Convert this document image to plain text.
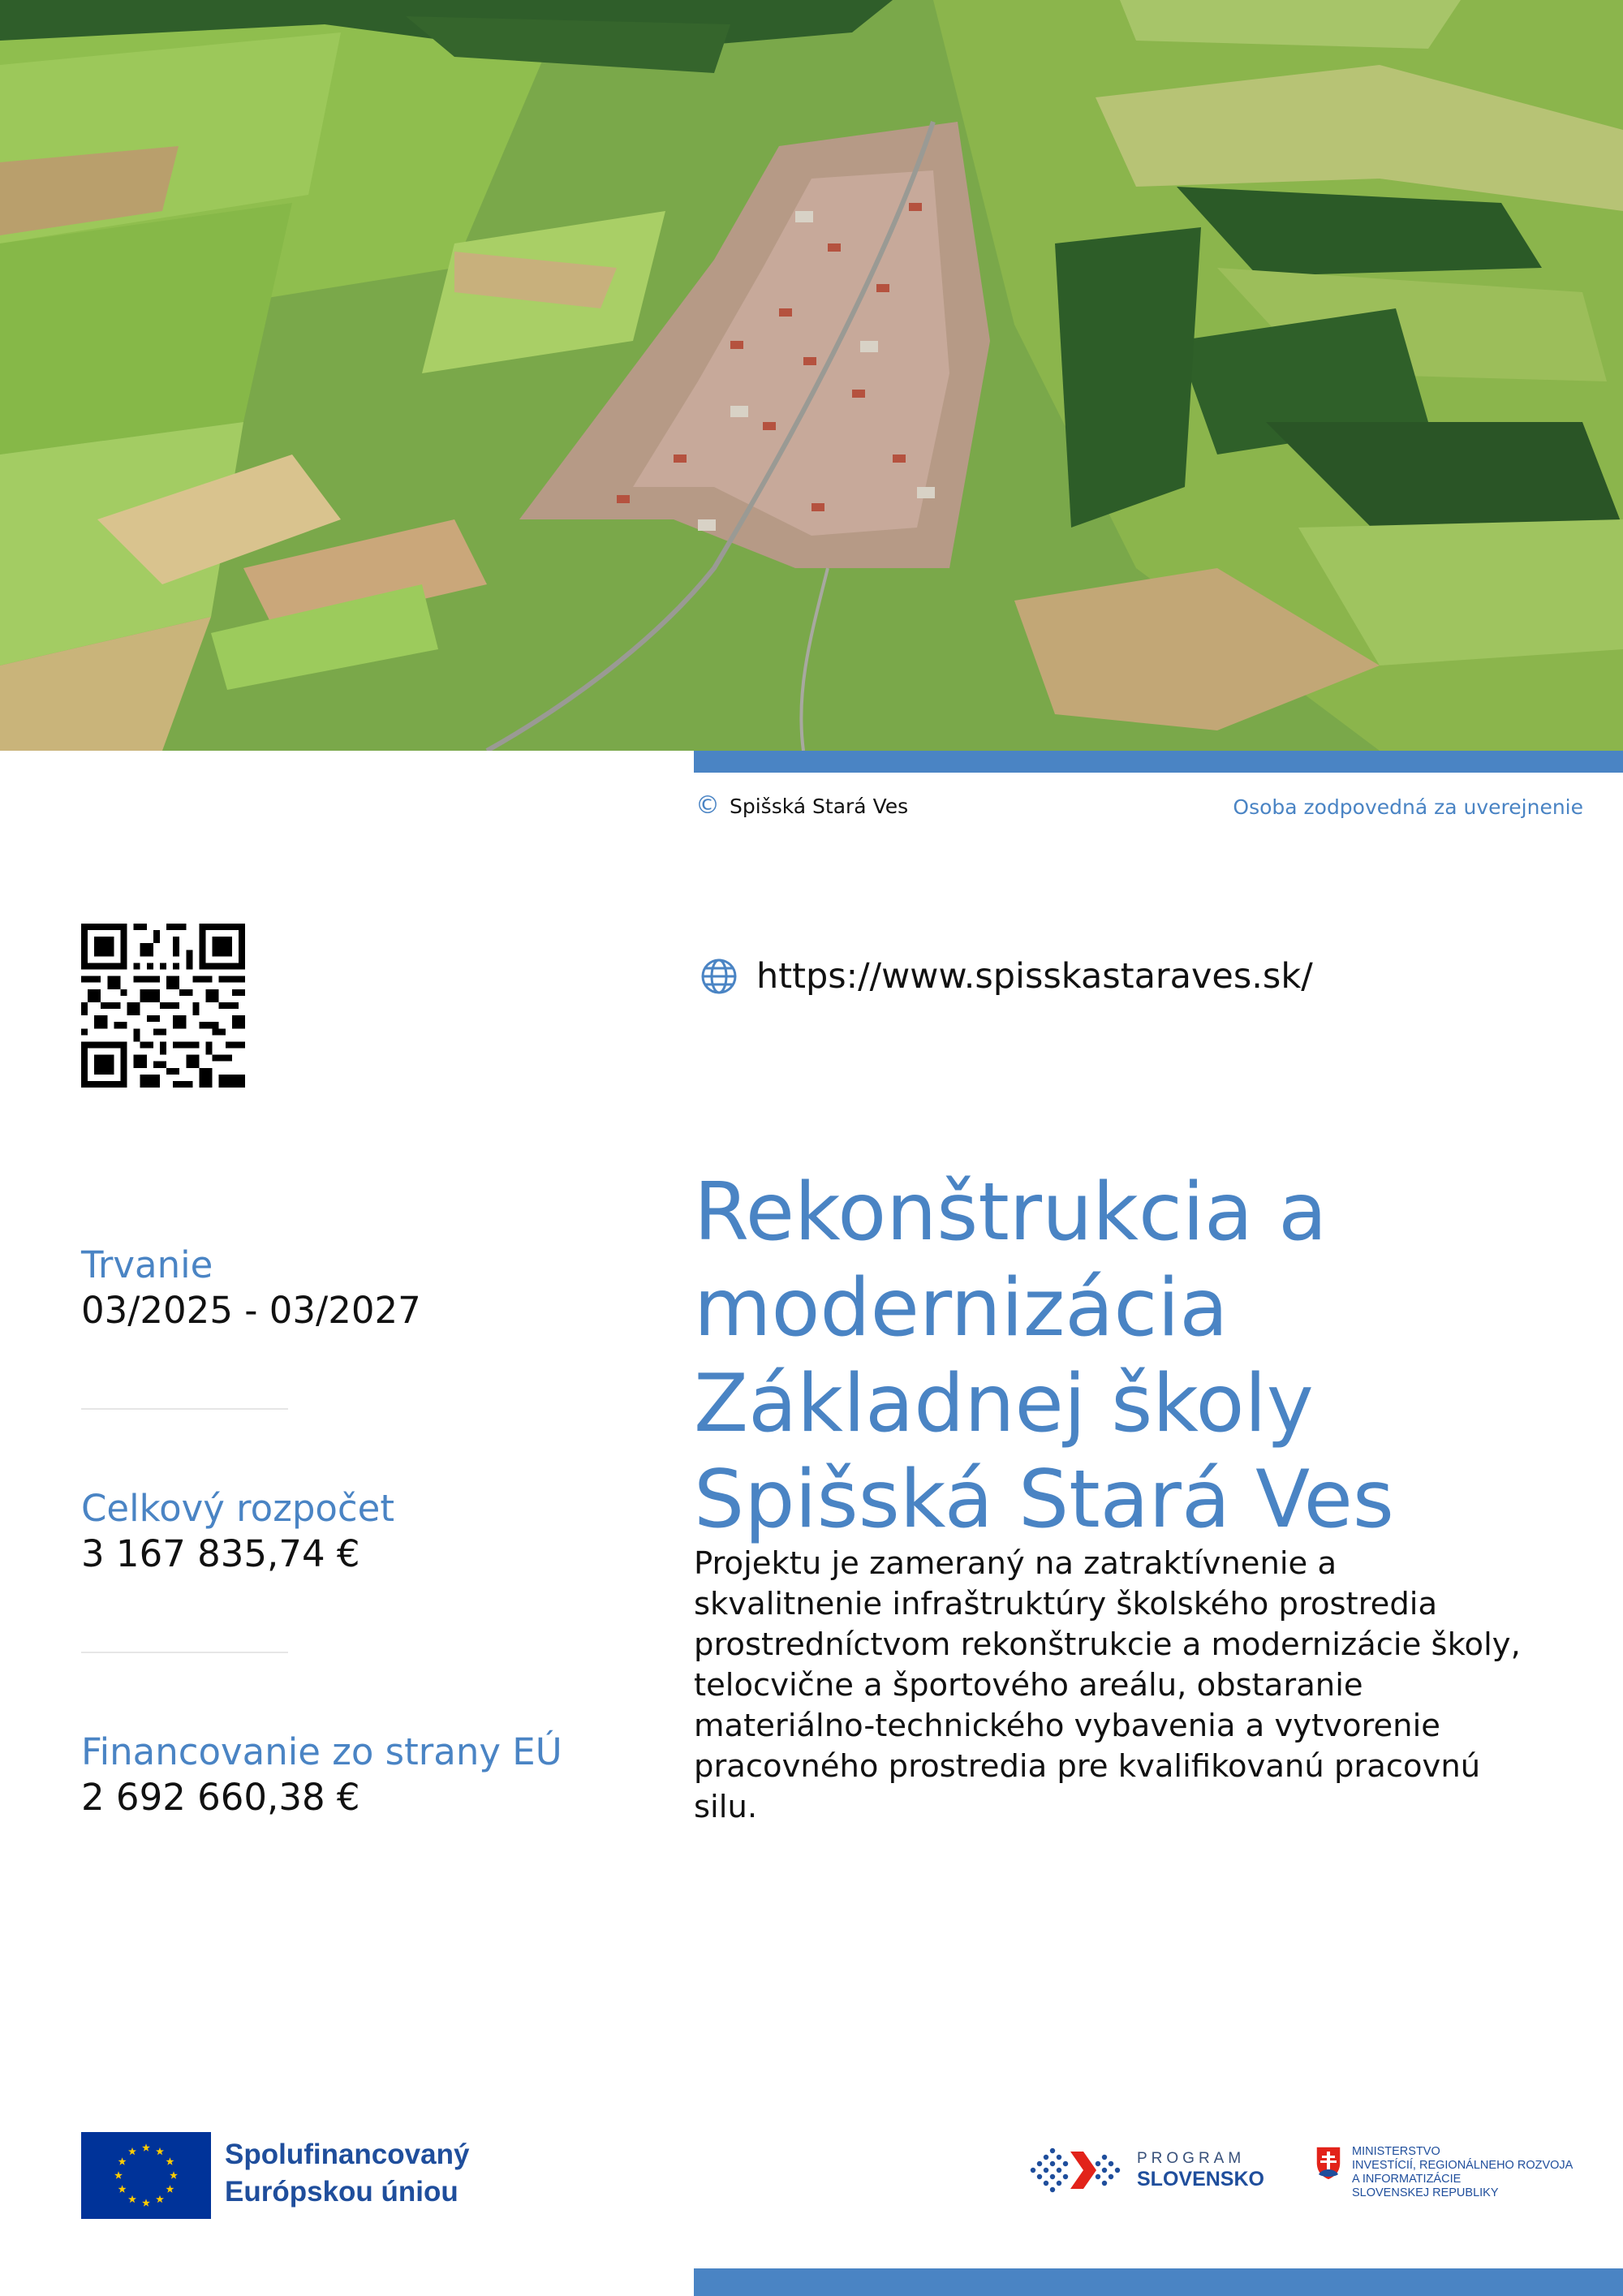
© Spišská Stará Ves	Osoba zodpovedná za uverejnenie
https://www.spisskastaraves.sk/
Trvanie
03/2025 - 03/2027
Celkový rozpočet
3 167 835,74 €
Financovanie zo strany EÚ
2 692 660,38 €
Rekonštrukcia a
modernizácia
Základnej školy
Spišská Stará Ves
Projektu je zameraný na zatraktívnenie a
skvalitnenie infraštruktúry školského prostredia
prostredníctvom rekonštrukcie a modernizácie školy,
telocvične a športového areálu, obstaranie
materiálno-technického vybavenia a vytvorenie
pracovného prostredia pre kvalifikovanú pracovnú
silu.
Spolufinancovaný
Európskou úniou
PROGRAM
SLOVENSKO
MINISTERSTVO
INVESTÍCIÍ, REGIONÁLNEHO ROZVOJA
A INFORMATIZÁCIE
SLOVENSKEJ REPUBLIKY
